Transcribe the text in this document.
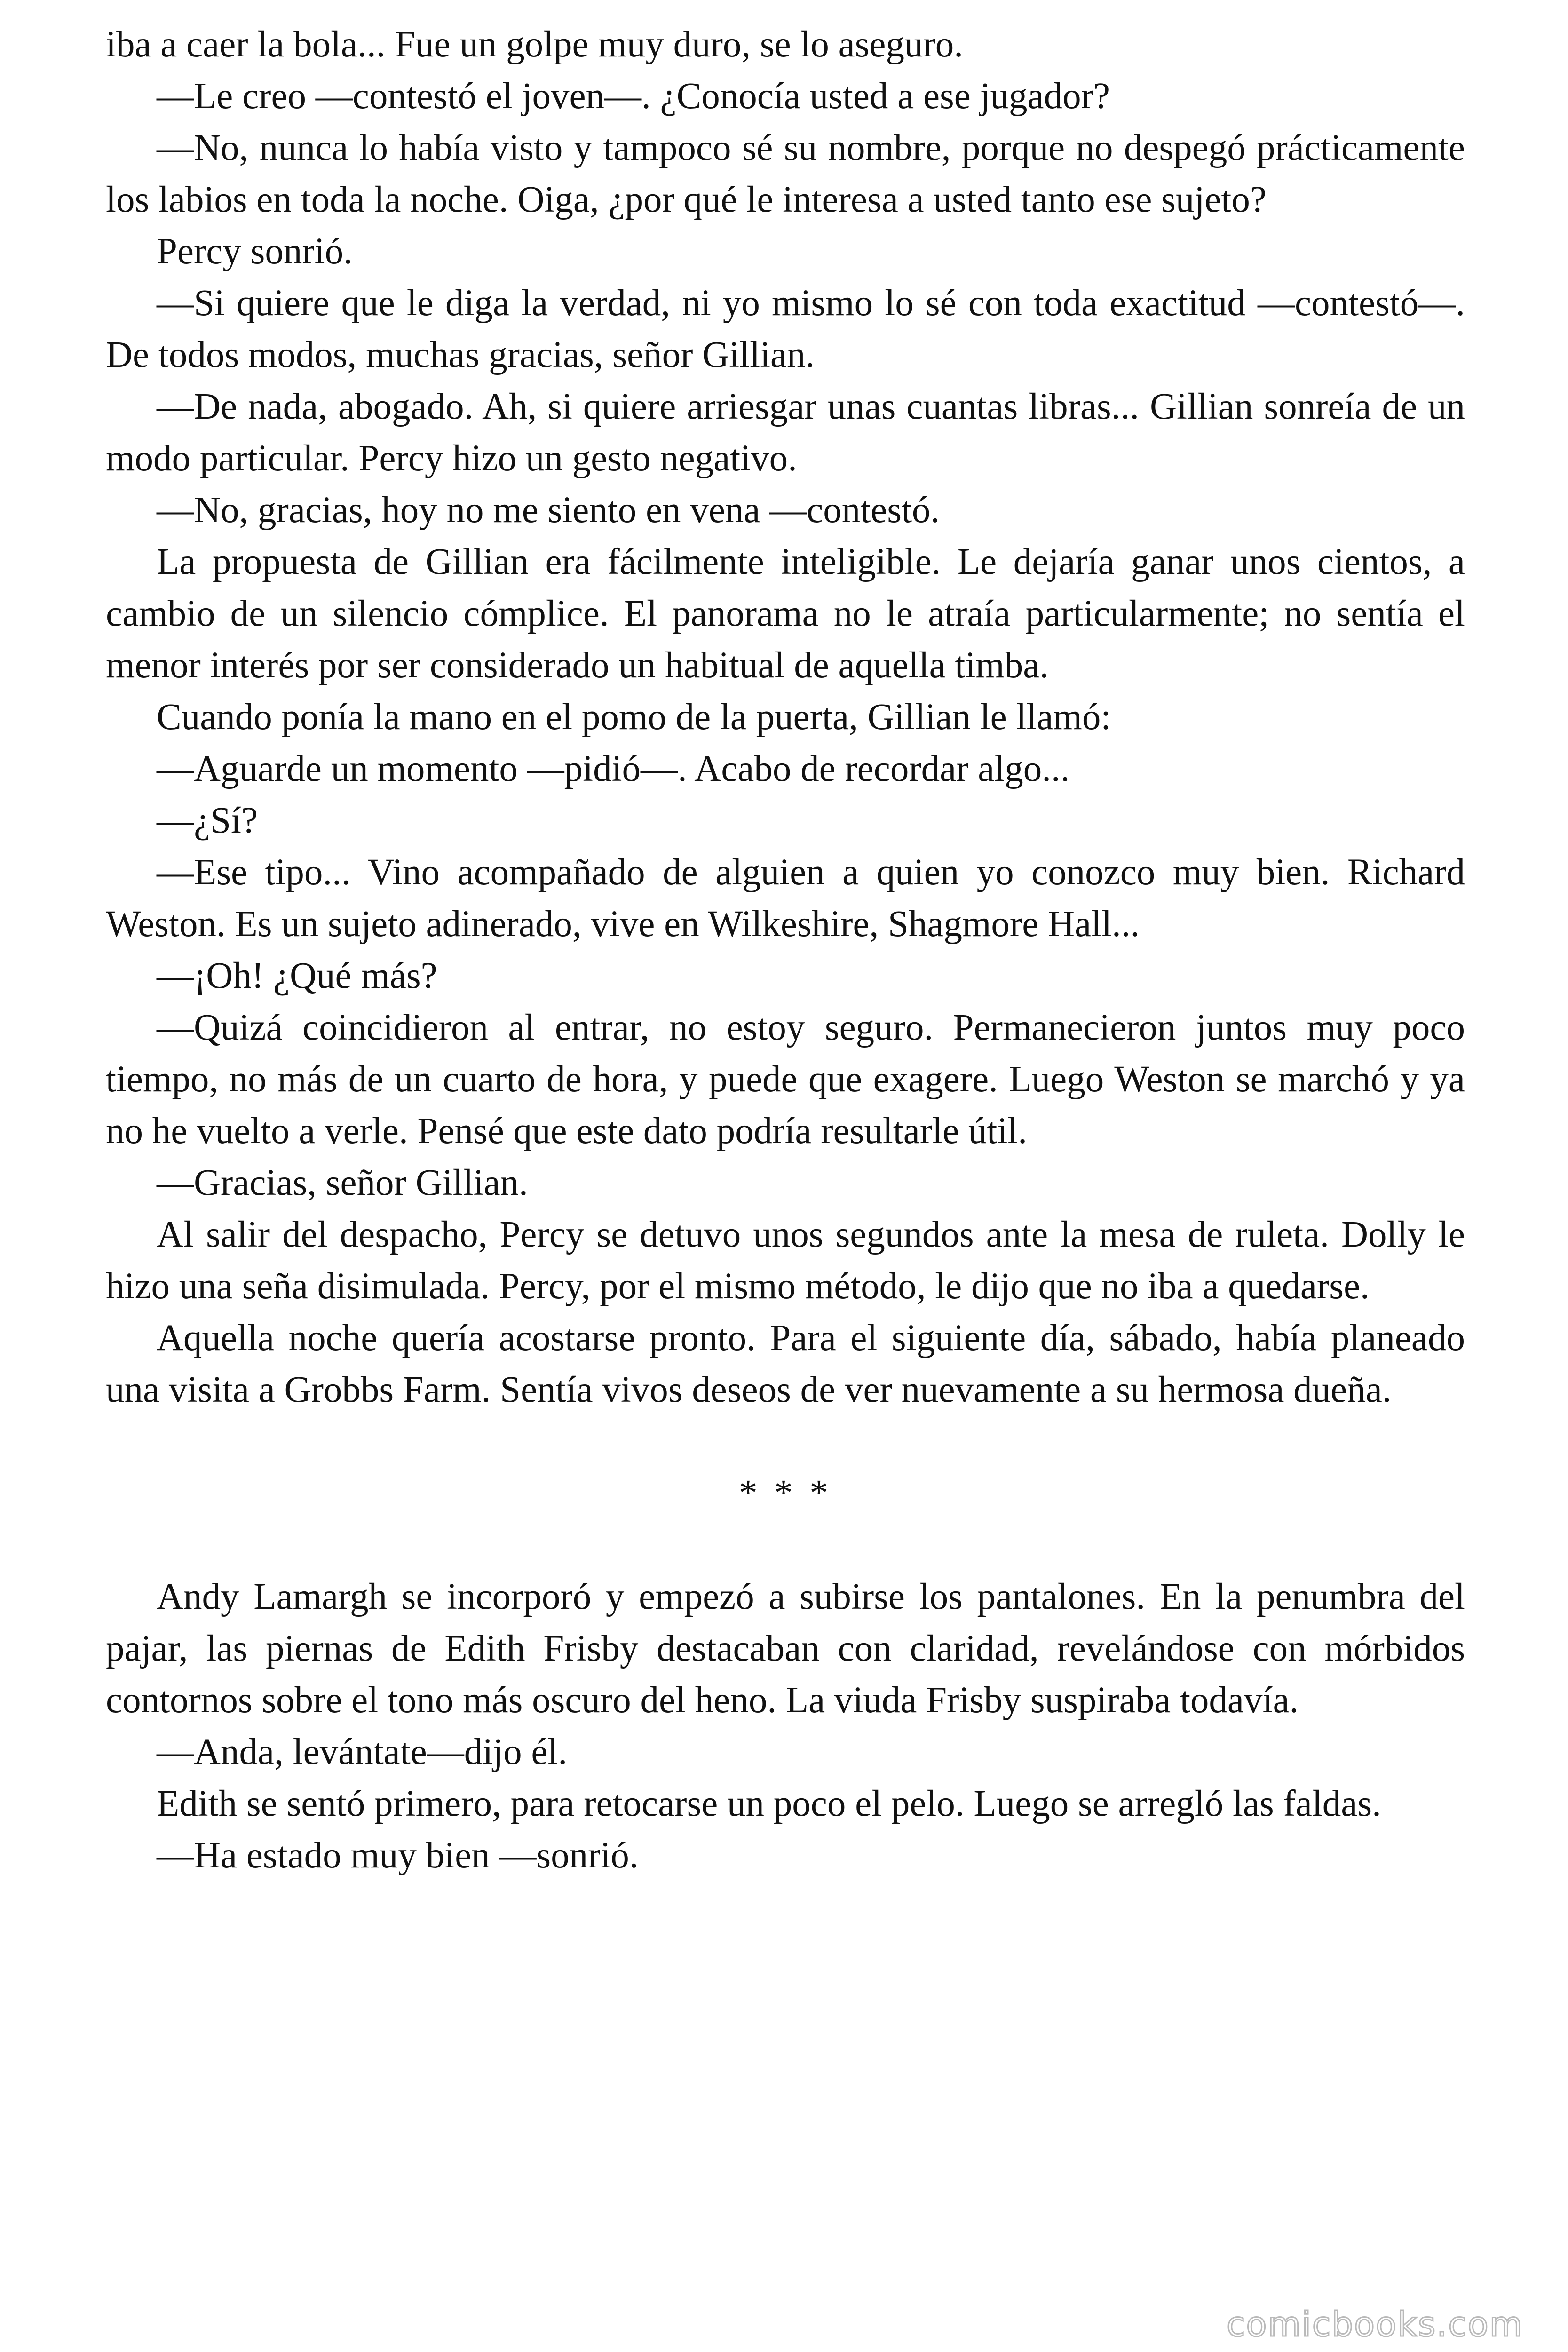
iba a caer la bola... Fue un golpe muy duro, se lo aseguro.

—Le creo —contestó el joven—. ¿Conocía usted a ese jugador?

—No, nunca lo había visto y tampoco sé su nombre, porque no despegó prácticamente los labios en toda la noche. Oiga, ¿por qué le interesa a usted tanto ese sujeto?

Percy sonrió.

—Si quiere que le diga la verdad, ni yo mismo lo sé con toda exactitud —contestó—. De todos modos, muchas gracias, señor Gillian.

—De nada, abogado. Ah, si quiere arriesgar unas cuantas libras... Gillian sonreía de un modo particular. Percy hizo un gesto negativo.

—No, gracias, hoy no me siento en vena —contestó.

La propuesta de Gillian era fácilmente inteligible. Le dejaría ganar unos cientos, a cambio de un silencio cómplice. El panorama no le atraía particularmente; no sentía el menor interés por ser considerado un habitual de aquella timba.

Cuando ponía la mano en el pomo de la puerta, Gillian le llamó:

—Aguarde un momento —pidió—. Acabo de recordar algo...

—¿Sí?

—Ese tipo... Vino acompañado de alguien a quien yo conozco muy bien. Richard Weston. Es un sujeto adinerado, vive en Wilkeshire, Shagmore Hall...

—¡Oh! ¿Qué más?

—Quizá coincidieron al entrar, no estoy seguro. Permanecieron juntos muy poco tiempo, no más de un cuarto de hora, y puede que exagere. Luego Weston se marchó y ya no he vuelto a verle. Pensé que este dato podría resultarle útil.

—Gracias, señor Gillian.

Al salir del despacho, Percy se detuvo unos segundos ante la mesa de ruleta. Dolly le hizo una seña disimulada. Percy, por el mismo método, le dijo que no iba a quedarse.

Aquella noche quería acostarse pronto. Para el siguiente día, sábado, había planeado una visita a Grobbs Farm. Sentía vivos deseos de ver nuevamente a su hermosa dueña.

* * *

Andy Lamargh se incorporó y empezó a subirse los pantalones. En la penumbra del pajar, las piernas de Edith Frisby destacaban con claridad, revelándose con mórbidos contornos sobre el tono más oscuro del heno. La viuda Frisby suspiraba todavía.

—Anda, levántate—dijo él.

Edith se sentó primero, para retocarse un poco el pelo. Luego se arregló las faldas.

—Ha estado muy bien —sonrió.

comicbooks.com
